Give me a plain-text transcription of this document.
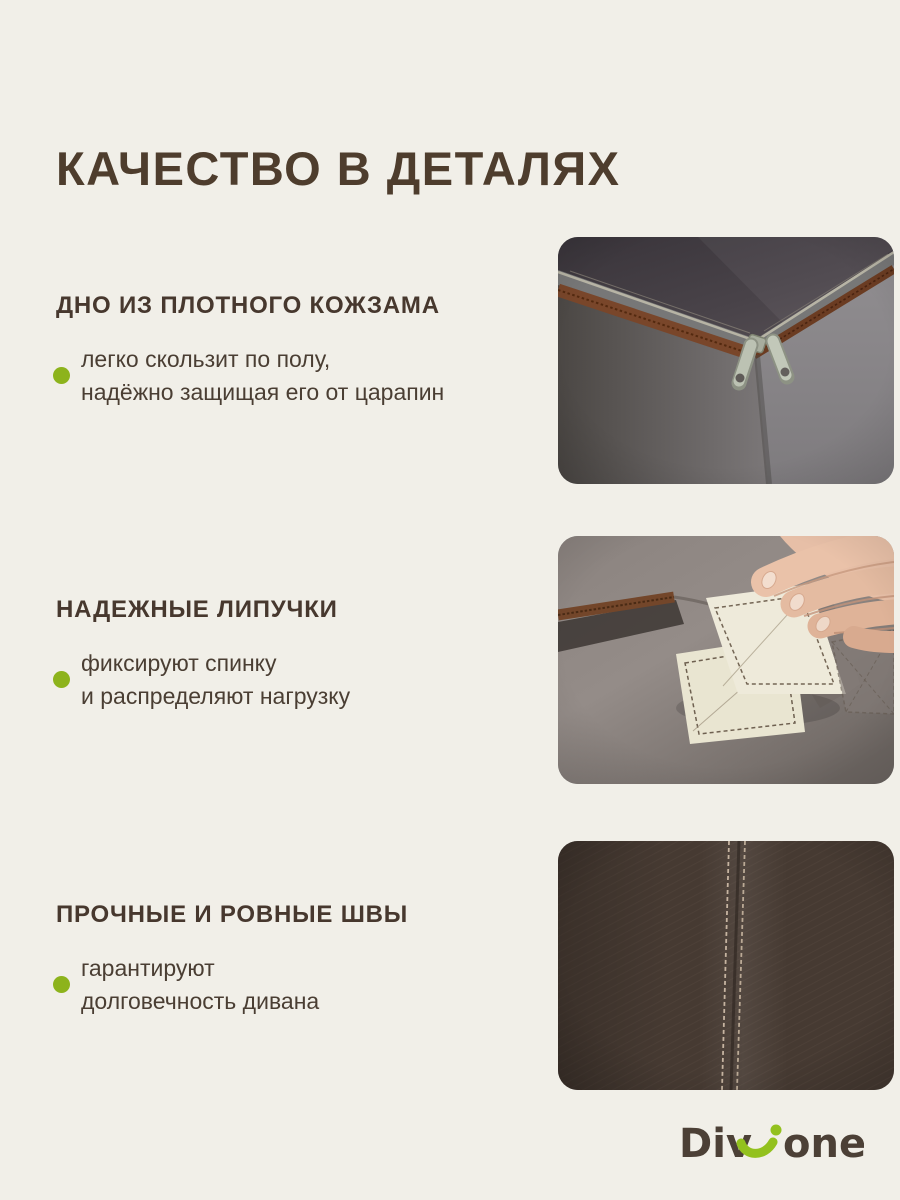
КАЧЕСТВО В ДЕТАЛЯХ
ДНО ИЗ ПЛОТНОГО КОЖЗАМА

легко скользит по полу,
надёжно защищая его от царапин

НАДЕЖНЫЕ ЛИПУЧКИ

фиксируют спинку
и распределяют нагрузку

ПРОЧНЫЕ И РОВНЫЕ ШВЫ

гарантируют
долговечность дивана

Div one
